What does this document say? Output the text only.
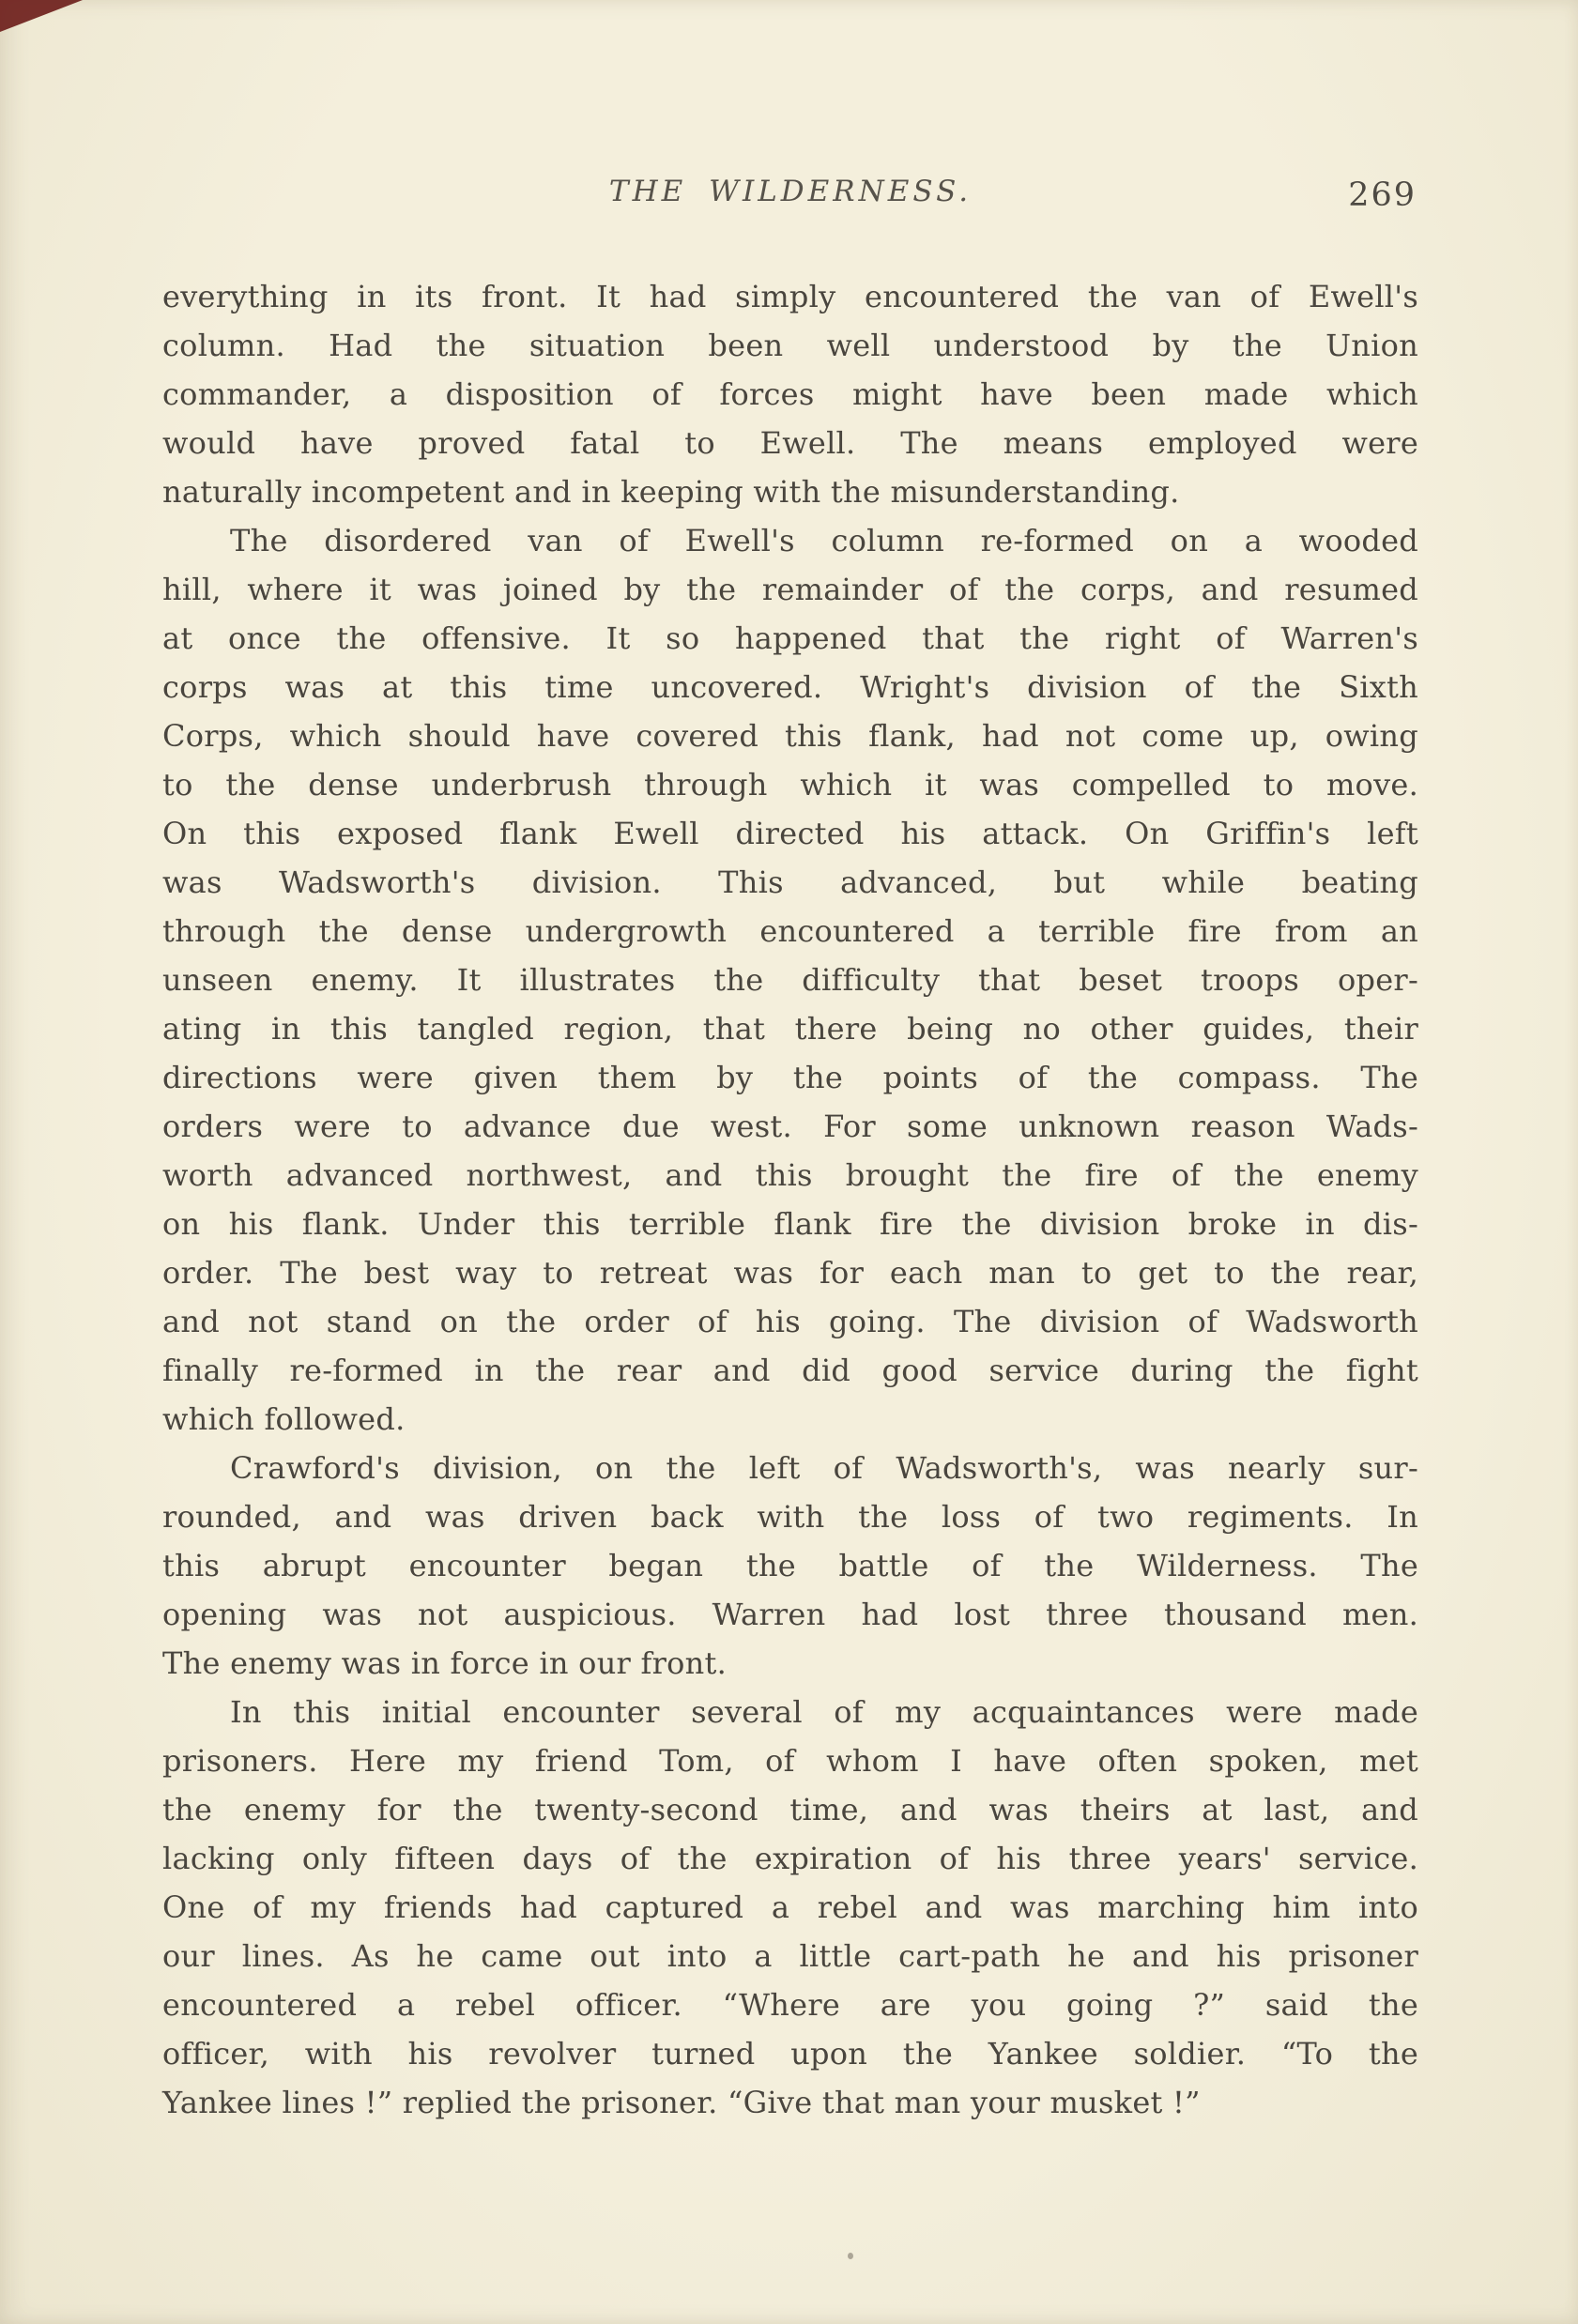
THE WILDERNESS.	269
everything in its front. It had simply encountered the van of Ewell's
column. Had the situation been well understood by the Union
commander, a disposition of forces might have been made which
would have proved fatal to Ewell. The means employed were
naturally incompetent and in keeping with the misunderstanding.
The disordered van of Ewell's column re-formed on a wooded
hill, where it was joined by the remainder of the corps, and resumed
at once the offensive. It so happened that the right of Warren's
corps was at this time uncovered. Wright's division of the Sixth
Corps, which should have covered this flank, had not come up, owing
to the dense underbrush through which it was compelled to move.
On this exposed flank Ewell directed his attack. On Griffin's left
was Wadsworth's division. This advanced, but while beating
through the dense undergrowth encountered a terrible fire from an
unseen enemy. It illustrates the difficulty that beset troops oper-
ating in this tangled region, that there being no other guides, their
directions were given them by the points of the compass. The
orders were to advance due west. For some unknown reason Wads-
worth advanced northwest, and this brought the fire of the enemy
on his flank. Under this terrible flank fire the division broke in dis-
order. The best way to retreat was for each man to get to the rear,
and not stand on the order of his going. The division of Wadsworth
finally re-formed in the rear and did good service during the fight
which followed.
Crawford's division, on the left of Wadsworth's, was nearly sur-
rounded, and was driven back with the loss of two regiments. In
this abrupt encounter began the battle of the Wilderness. The
opening was not auspicious. Warren had lost three thousand men.
The enemy was in force in our front.
In this initial encounter several of my acquaintances were made
prisoners. Here my friend Tom, of whom I have often spoken, met
the enemy for the twenty-second time, and was theirs at last, and
lacking only fifteen days of the expiration of his three years' service.
One of my friends had captured a rebel and was marching him into
our lines. As he came out into a little cart-path he and his prisoner
encountered a rebel officer. “Where are you going ?” said the
officer, with his revolver turned upon the Yankee soldier. “To the
Yankee lines !” replied the prisoner. “Give that man your musket !”
